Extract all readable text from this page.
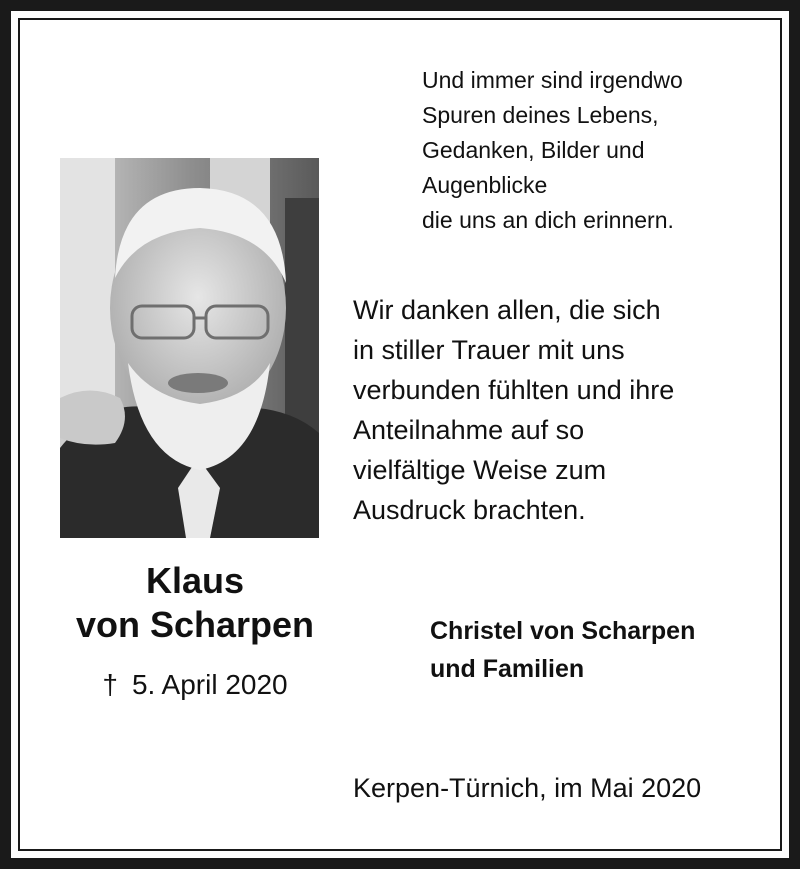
Und immer sind irgendwo
Spuren deines Lebens,
Gedanken, Bilder und
Augenblicke
die uns an dich erinnern.
Wir danken allen, die sich
in stiller Trauer mit uns
verbunden fühlten und ihre
Anteilnahme auf so
vielfältige Weise zum
Ausdruck brachten.
Klaus
von Scharpen
† 5. April 2020
Christel von Scharpen
und Familien
Kerpen-Türnich, im Mai 2020
